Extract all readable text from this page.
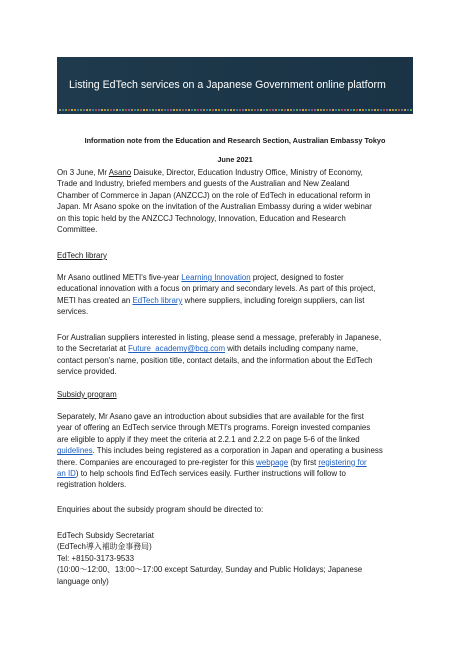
Listing EdTech services on a Japanese Government online platform
Information note from the Education and Research Section, Australian Embassy Tokyo
June 2021
On 3 June, Mr Asano Daisuke, Director, Education Industry Office, Ministry of Economy,
Trade and Industry, briefed members and guests of the Australian and New Zealand
Chamber of Commerce in Japan (ANZCCJ) on the role of EdTech in educational reform in
Japan. Mr Asano spoke on the invitation of the Australian Embassy during a wider webinar
on this topic held by the ANZCCJ Technology, Innovation, Education and Research
Committee.
EdTech library
Mr Asano outlined METI's five-year Learning Innovation project, designed to foster
educational innovation with a focus on primary and secondary levels. As part of this project,
METI has created an EdTech library where suppliers, including foreign suppliers, can list
services.
For Australian suppliers interested in listing, please send a message, preferably in Japanese,
to the Secretariat at Future_academy@bcg.com with details including company name,
contact person's name, position title, contact details, and the information about the EdTech
service provided.
Subsidy program
Separately, Mr Asano gave an introduction about subsidies that are available for the first
year of offering an EdTech service through METI's programs. Foreign invested companies
are eligible to apply if they meet the criteria at 2.2.1 and 2.2.2 on page 5-6 of the linked
guidelines. This includes being registered as a corporation in Japan and operating a business
there. Companies are encouraged to pre-register for this webpage (by first registering for
an ID) to help schools find EdTech services easily. Further instructions will follow to
registration holders.
Enquiries about the subsidy program should be directed to:
EdTech Subsidy Secretariat
(EdTech導入補助金事務局)
Tel: +8150-3173-9533
(10:00～12:00、13:00～17:00 except Saturday, Sunday and Public Holidays; Japanese
language only)
